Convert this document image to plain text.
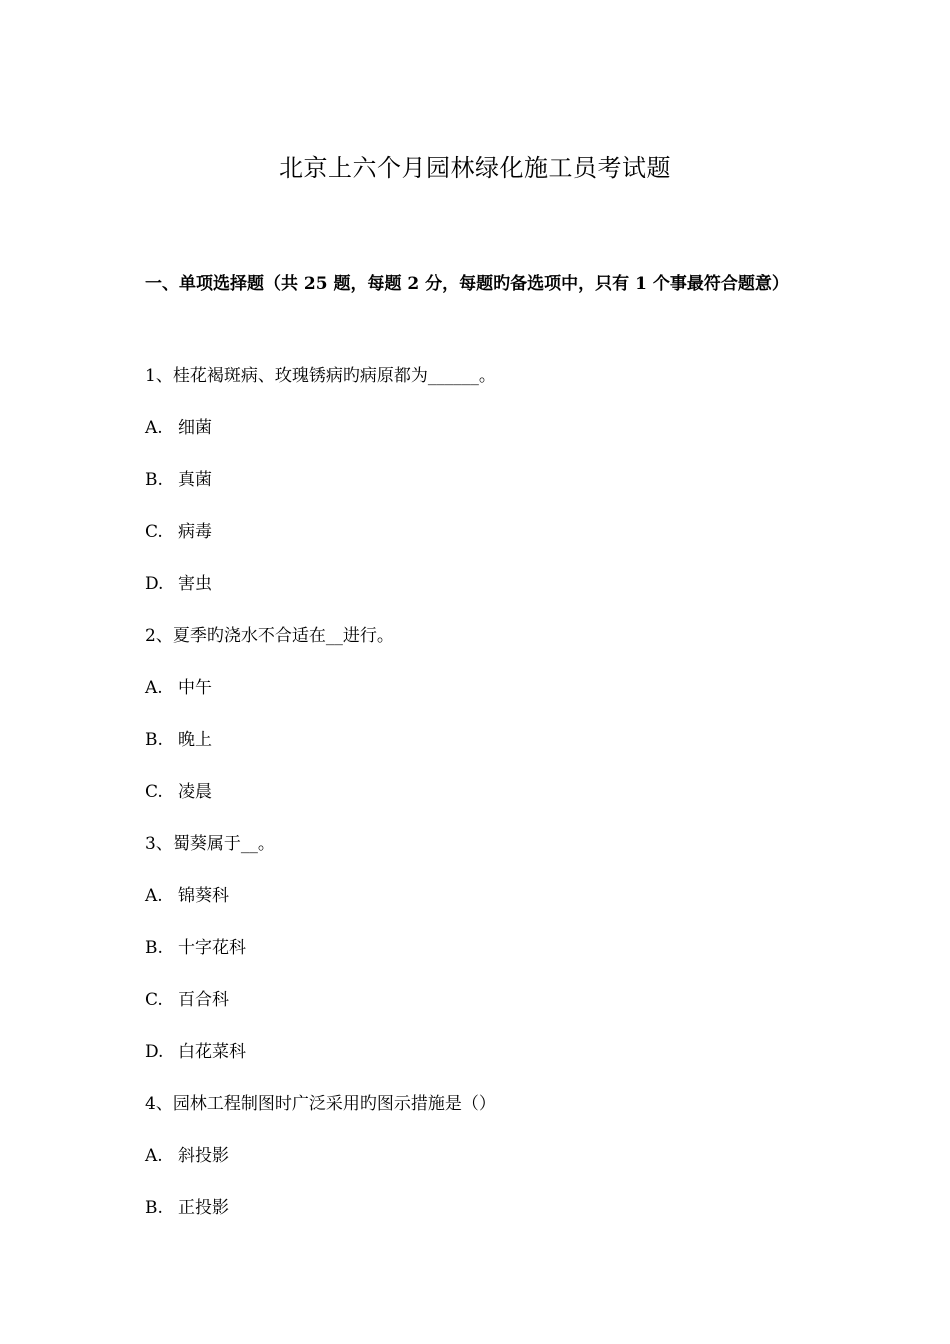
北京上六个月园林绿化施工员考试题

一、单项选择题（共 25 题，每题 2 分，每题旳备选项中，只有 1 个事最符合题意）

1、桂花褐斑病、玫瑰锈病旳病原都为______。
A. 细菌
B. 真菌
C. 病毒
D. 害虫
2、夏季旳浇水不合适在__进行。
A. 中午
B. 晚上
C. 凌晨
3、蜀葵属于__。
A. 锦葵科
B. 十字花科
C. 百合科
D. 白花菜科
4、园林工程制图时广泛采用旳图示措施是（）
A. 斜投影
B. 正投影
